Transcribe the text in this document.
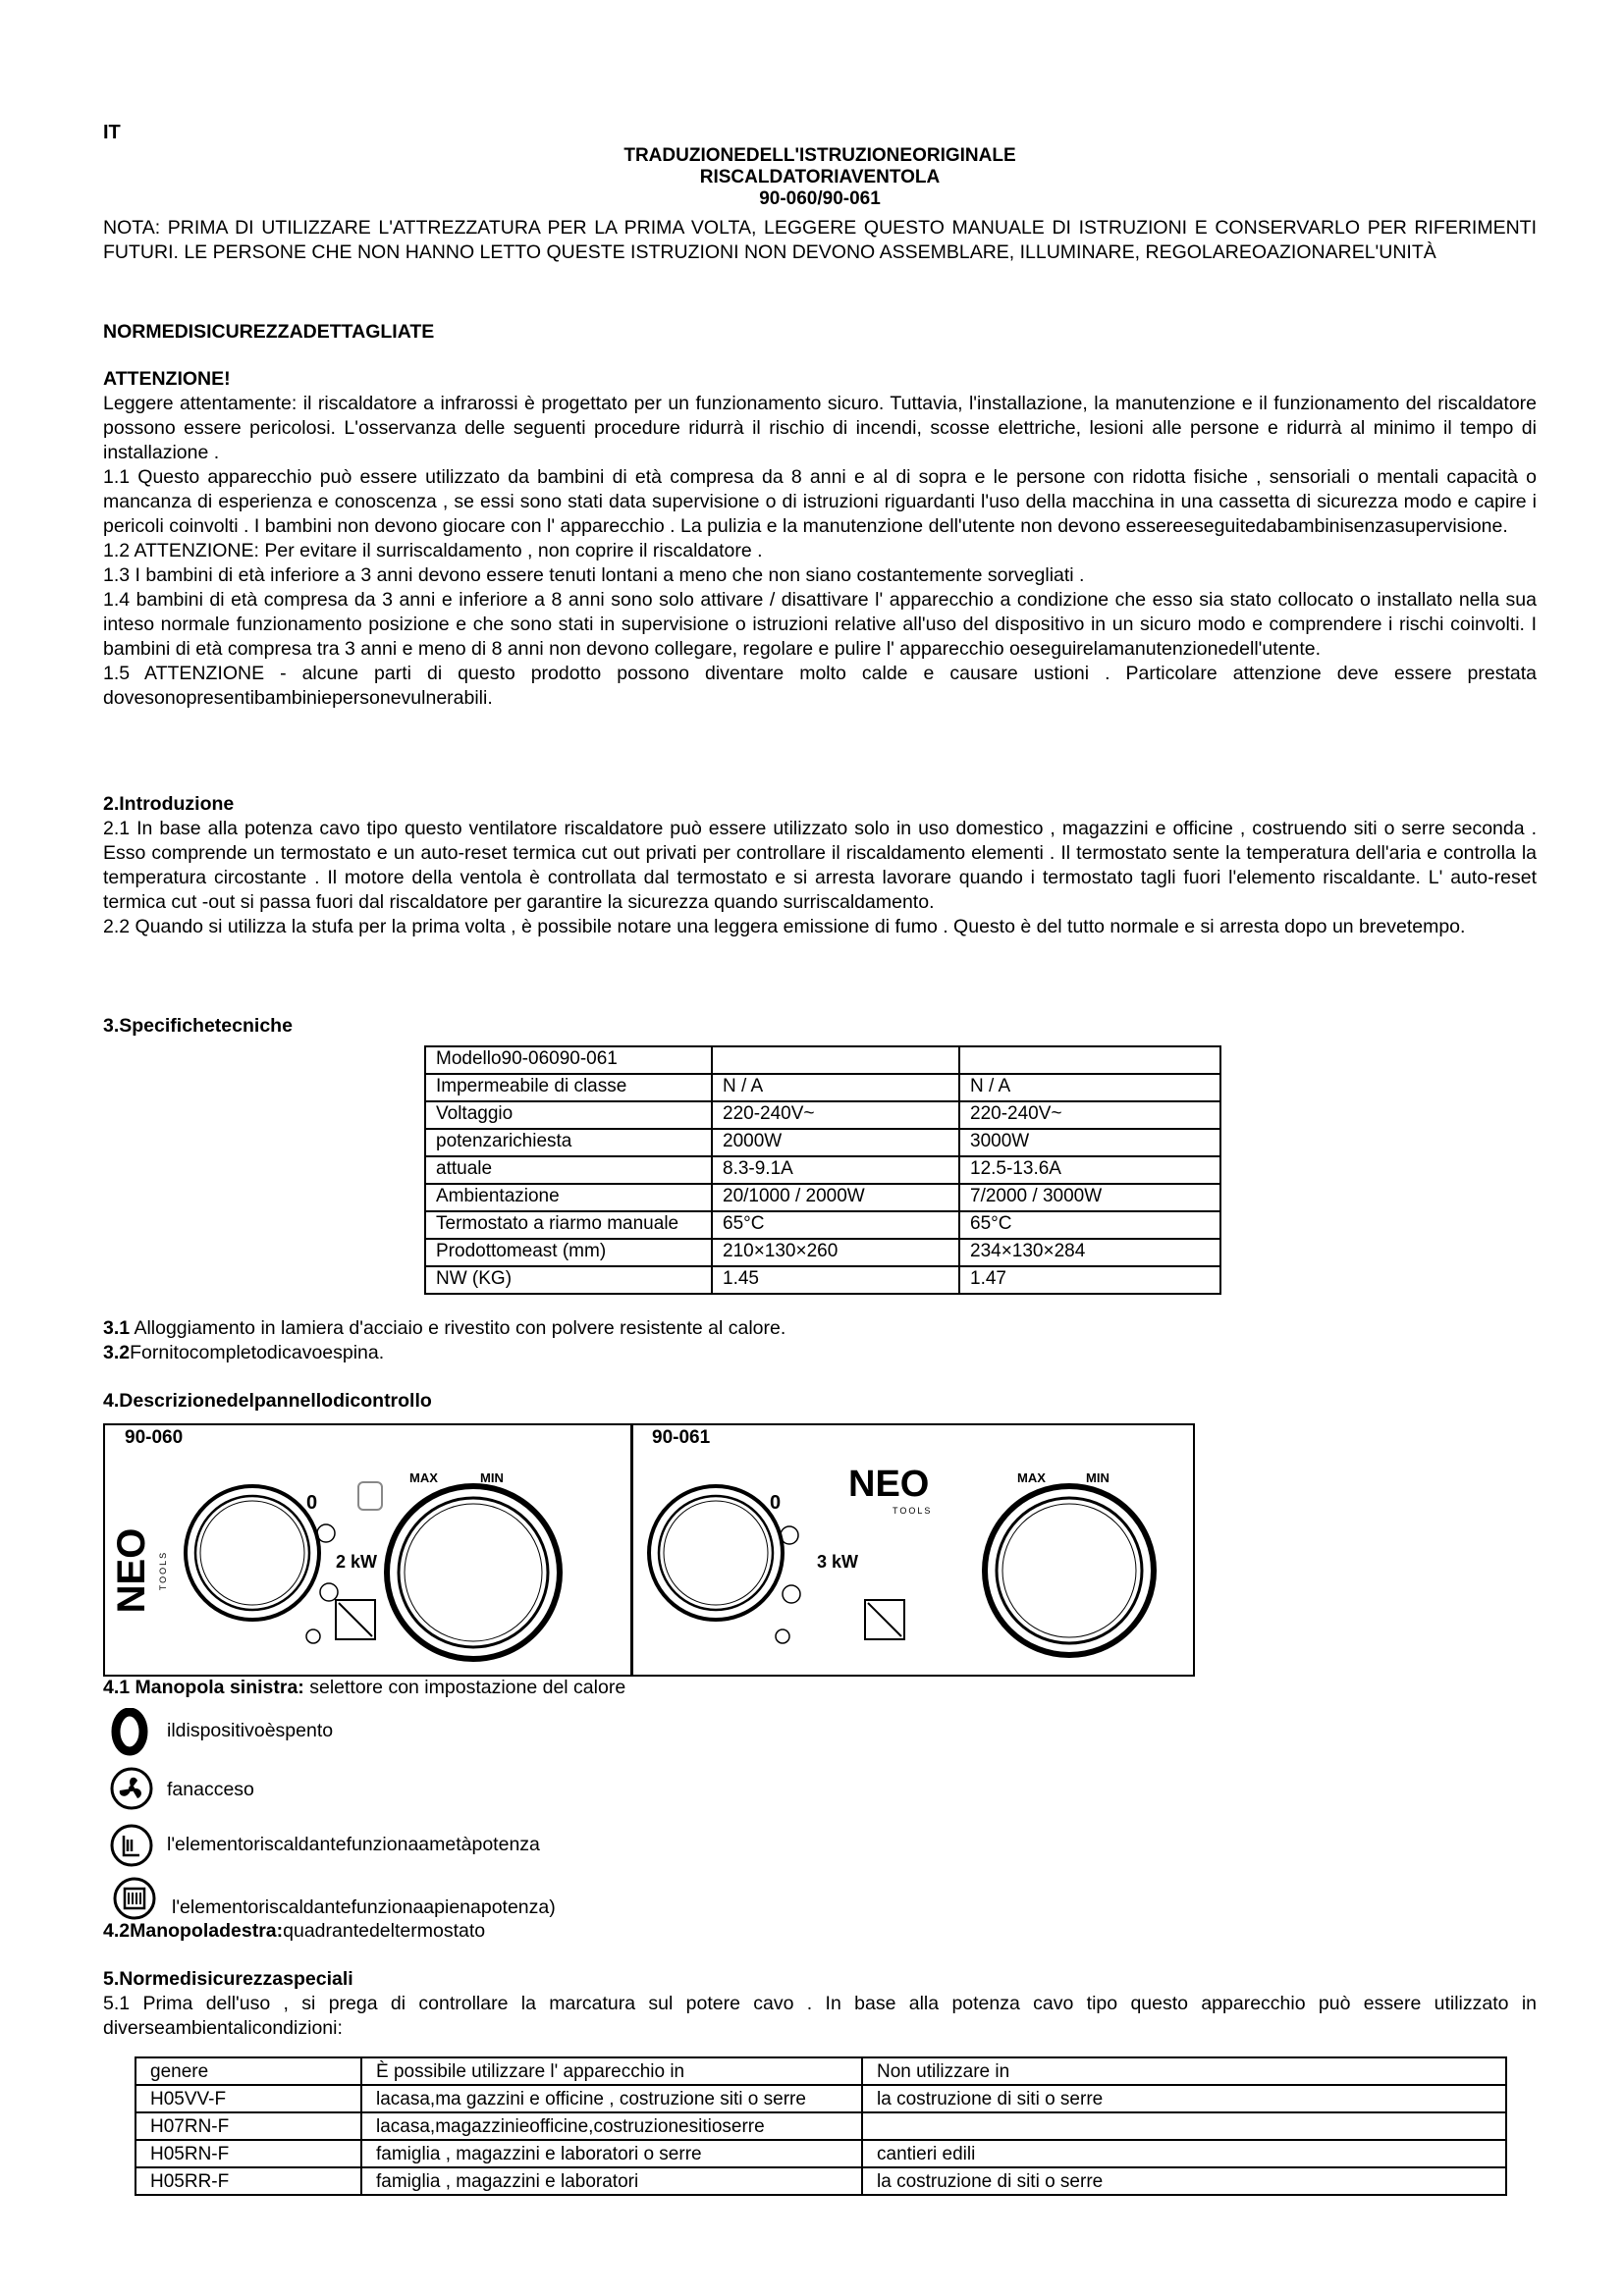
IT
TRADUZIONEDELL'ISTRUZIONEORIGINALE
RISCALDATORIAVENTOLA
90-060/90-061

NOTA: PRIMA DI UTILIZZARE L'ATTREZZATURA PER LA PRIMA VOLTA, LEGGERE QUESTO MANUALE DI ISTRUZIONI E CONSERVARLO PER RIFERIMENTI FUTURI. LE PERSONE CHE NON HANNO LETTO QUESTE ISTRUZIONI NON DEVONO ASSEMBLARE, ILLUMINARE, REGOLAREOAZIONAREL'UNITÀ

NORMEDISICUREZZADETTAGLIATE
ATTENZIONE!

Leggere attentamente: il riscaldatore a infrarossi è progettato per un funzionamento sicuro. Tuttavia, l'installazione, la manutenzione e il funzionamento del riscaldatore possono essere pericolosi. L'osservanza delle seguenti procedure ridurrà il rischio di incendi, scosse elettriche, lesioni alle persone e ridurrà al minimo il tempo di installazione .

1.1 Questo apparecchio può essere utilizzato da bambini di età compresa da 8 anni e al di sopra e le persone con ridotta fisiche , sensoriali o mentali capacità o mancanza di esperienza e conoscenza , se essi sono stati data supervisione o di istruzioni riguardanti l'uso della macchina in una cassetta di sicurezza modo e capire i pericoli coinvolti . I bambini non devono giocare con l' apparecchio . La pulizia e la manutenzione dell'utente non devono essereeseguitedabambinisenzasupervisione.

1.2 ATTENZIONE: Per evitare il surriscaldamento , non coprire il riscaldatore .

1.3 I bambini di età inferiore a 3 anni devono essere tenuti lontani a meno che non siano costantemente sorvegliati .

1.4 bambini di età compresa da 3 anni e inferiore a 8 anni sono solo attivare / disattivare l' apparecchio a condizione che esso sia stato collocato o installato nella sua inteso normale funzionamento posizione e che sono stati in supervisione o istruzioni relative all'uso del dispositivo in un sicuro modo e comprendere i rischi coinvolti. I bambini di età compresa tra 3 anni e meno di 8 anni non devono collegare, regolare e pulire l' apparecchio oeseguirelamanutenzionedell'utente.

1.5 ATTENZIONE - alcune parti di questo prodotto possono diventare molto calde e causare ustioni . Particolare attenzione deve essere prestata dovesonopresentibambiniepersonevulnerabili.

2.Introduzione

2.1 In base alla potenza cavo tipo questo ventilatore riscaldatore può essere utilizzato solo in uso domestico , magazzini e officine , costruendo siti o serre seconda . Esso comprende un termostato e un auto-reset termica cut out privati per controllare il riscaldamento elementi . Il termostato sente la temperatura dell'aria e controlla la temperatura circostante . Il motore della ventola è controllata dal termostato e si arresta lavorare quando i termostato tagli fuori l'elemento riscaldante. L' auto-reset termica cut -out si passa fuori dal riscaldatore per garantire la sicurezza quando surriscaldamento.

2.2 Quando si utilizza la stufa per la prima volta , è possibile notare una leggera emissione di fumo . Questo è del tutto normale e si arresta dopo un brevetempo.

3.Specifichetecniche
Modello90-06090-061		
Impermeabile di classe	N / A	N / A
Voltaggio	220-240V~	220-240V~
potenzarichiesta	2000W	3000W
attuale	8.3-9.1A	12.5-13.6A
Ambientazione	20/1000 / 2000W	7/2000 / 3000W
Termostato a riarmo manuale	65°C	65°C
Prodottomeast (mm)	210×130×260	234×130×284
NW (KG)	1.45	1.47
3.1 Alloggiamento in lamiera d'acciaio e rivestito con polvere resistente al calore.
3.2Fornitocompletodicavoespina.
4.Descrizionedelpannellodicontrollo
90-060
NEO TOOLS
0
2 kW
MAX	MIN
90-061
0 NEO
TOOLS
3 kW
MAX	MIN
4.1 Manopola sinistra: selettore con impostazione del calore
ildispositivoèspento
fanacceso
l'elementoriscaldantefunzionaametàpotenza
l'elementoriscaldantefunzionaapienapotenza)
4.2Manopoladestra:quadrantedeltermostato
5.Normedisicurezzaspeciali

5.1 Prima dell'uso , si prega di controllare la marcatura sul potere cavo . In base alla potenza cavo tipo questo apparecchio può essere utilizzato in diverseambientalicondizioni:

genere	È possibile utilizzare l' apparecchio in	Non utilizzare in
H05VV-F	lacasa,ma gazzini e officine , costruzione siti o serre	la costruzione di siti o serre
H07RN-F	lacasa,magazzinieofficine,costruzionesitioserre	
H05RN-F	famiglia , magazzini e laboratori o serre	cantieri edili
H05RR-F	famiglia , magazzini e laboratori	la costruzione di siti o serre
